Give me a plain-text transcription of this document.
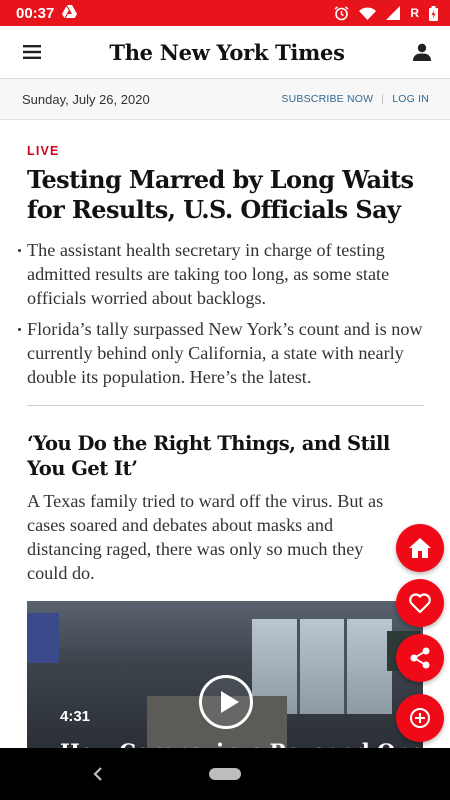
00:37	R
The New York Times
Sunday, July 26, 2020	SUBSCRIBE NOW | LOG IN
LIVE
Testing Marred by Long Waits for Results, U.S. Officials Say
The assistant health secretary in charge of testing admitted results are taking too long, as some state officials worried about backlogs.
Florida’s tally surpassed New York’s count and is now currently behind only California, a state with nearly double its population. Here’s the latest.
‘You Do the Right Things, and Still You Get It’

A Texas family tried to ward off the virus. But as cases soared and debates about masks and distancing raged, there was only so much they could do.

4:31
